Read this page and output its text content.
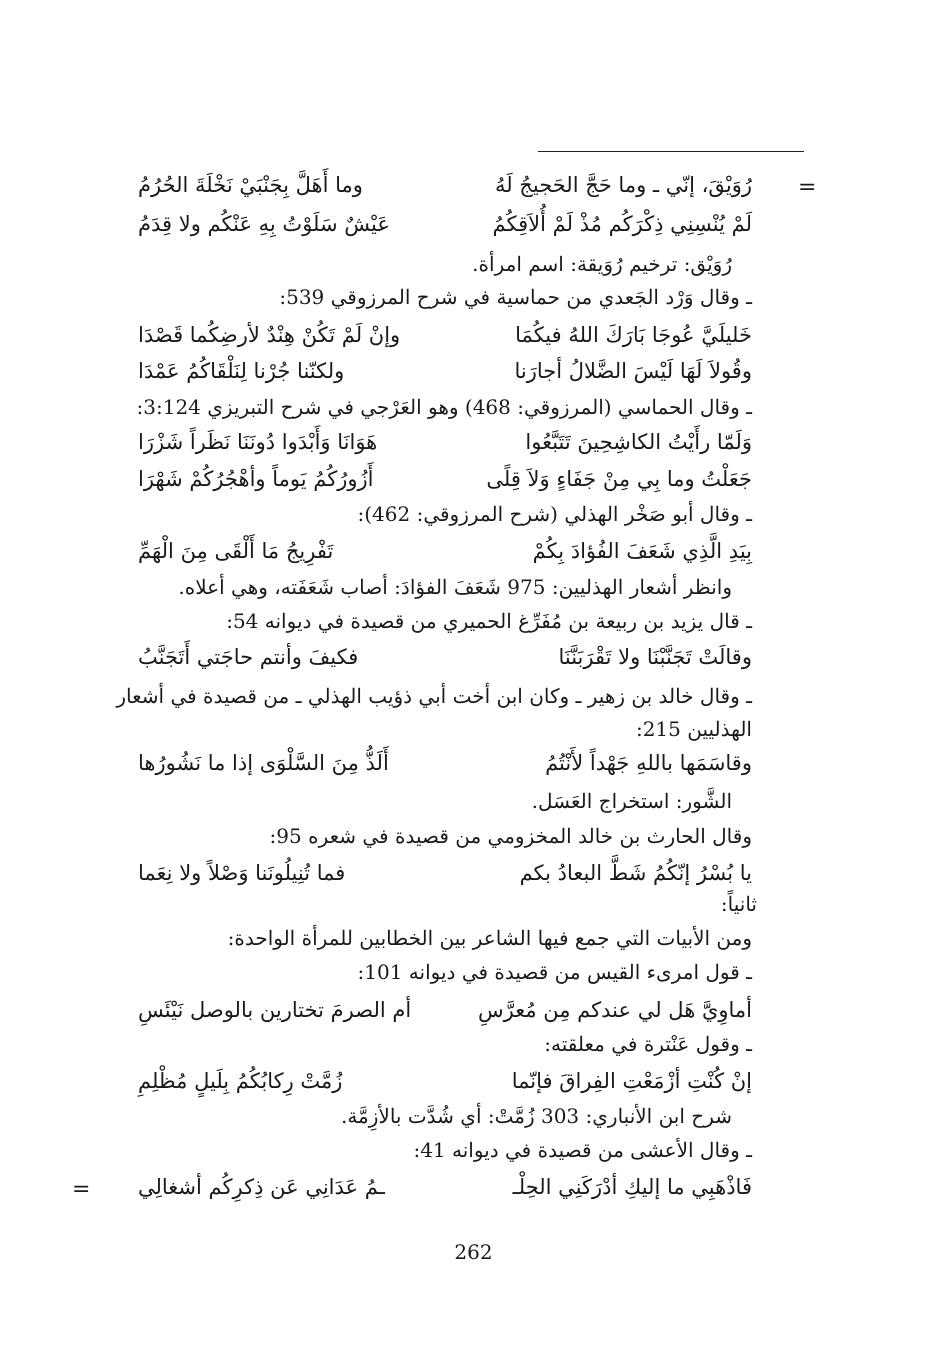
=
رُوَيْقَ، إنّي ـ وما حَجَّ الحَجيجُ لَهُ
وما أَهَلَّ بِجَنْبَيْ نَخْلَةَ الحُرُمُ
لَمْ يُنْسِنِي ذِكْرَكُم مُذْ لَمْ أُلاَقِكُمُ
عَيْشٌ سَلَوْتُ بِهِ عَنْكُم ولا قِدَمُ
رُوَيْق: ترخيم رُوَيقة: اسم امرأة.
ـ وقال وَرْد الجَعدي من حماسية في شرح المرزوقي 539:
خَليلَيَّ عُوجَا بَارَكَ اللهُ فيكُمَا
وإنْ لَمْ تَكُنْ هِنْدٌ لأرضِكُما قَصْدَا
وقُولاَ لَهَا لَيْسَ الضَّلالُ أجارَنا
ولكنّنا جُرْنا لِنَلْقَاكُمُ عَمْدَا
ـ وقال الحماسي (المرزوقي: 468) وهو العَرْجي في شرح التبريزي 3:124:
وَلَمّا رأَيْتُ الكاشِحِينَ تَتَبَّعُوا
هَوَانَا وَأَبْدَوا دُونَنَا نَظَراً شَزْرَا
جَعَلْتُ وما بِي مِنْ جَفَاءٍ وَلاَ قِلًى
أَزُورُكُمُ يَوماً وأهْجُرُكُمْ شَهْرَا
ـ وقال أبو صَخْر الهذلي (شرح المرزوقي: 462):
بِيَدِ الَّذِي شَعَفَ الفُؤادَ بِكُمْ
تَفْرِيجُ مَا أَلْقَى مِنَ الْهَمِّ
وانظر أشعار الهذليين: 975 شَعَفَ الفؤادَ: أصاب شَعَفَته، وهي أعلاه.
ـ قال يزيد بن ربيعة بن مُفَرِّغ الحميري من قصيدة في ديوانه 54:
وقالَتْ تَجَنَّبْنَا ولا تَقْرَبَنَّنَا
فكيفَ وأنتم حاجَتي أَتَجَنَّبُ
ـ وقال خالد بن زهير ـ وكان ابن أخت أبي ذؤيب الهذلي ـ من قصيدة في أشعار
الهذليين 215:
وقاسَمَها باللهِ جَهْداً لأَنْتُمُ
أَلَذُّ مِنَ السَّلْوَى إذا ما نَشُورُها
الشَّور: استخراج العَسَل.
وقال الحارث بن خالد المخزومي من قصيدة في شعره 95:
يا بُسْرُ إنّكُمُ شَطَّ البعادُ بكم
فما تُنِيلُونَنا وَصْلاً ولا نِعَما
ثانياً:
ومن الأبيات التي جمع فيها الشاعر بين الخطابين للمرأة الواحدة:
ـ قول امرىء القيس من قصيدة في ديوانه 101:
أماوِيَّ هَل لي عندكم مِن مُعرَّسِ
أم الصرمَ تختارين بالوصل نَيْئَسِ
ـ وقول عَنْترة في معلقته:
إنْ كُنْتِ أزْمَعْتِ الفِراقَ فإنّما
زُمَّتْ رِكابُكُمُ بِلَيلٍ مُظْلِمِ
شرح ابن الأنباري: 303 زُمَّتْ: أي شُدَّت بالأزِمَّة.
ـ وقال الأعشى من قصيدة في ديوانه 41:
فَاذْهَبِي ما إليكِ أدْرَكَنِي الحِلْـ
ـمُ عَدَانِي عَن ذِكرِكُم أشغالِي
=
262
